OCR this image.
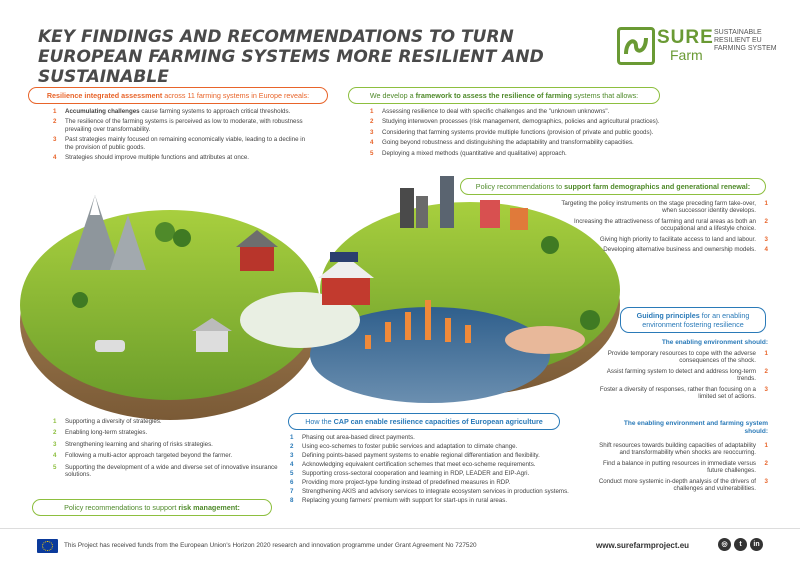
KEY FINDINGS AND RECOMMENDATIONS TO TURN EUROPEAN FARMING SYSTEMS MORE RESILIENT AND SUSTAINABLE
SURE
Farm
SUSTAINABLE RESILIENT EU FARMING SYSTEM
Resilience integrated assessment across 11 farming systems in Europe reveals:
1 Accumulating challenges cause farming systems to approach critical thresholds.
2 The resilience of the farming systems is perceived as low to moderate, with robustness prevailing over transformability.
3 Past strategies mainly focused on remaining economically viable, leading to a decline in the provision of public goods.
4 Strategies should improve multiple functions and attributes at once.
We develop a framework to assess the resilience of farming systems that allows:
1 Assessing resilience to deal with specific challenges and the "unknown unknowns".
2 Studying interwoven processes (risk management, demographics, policies and agricultural practices).
3 Considering that farming systems provide multiple functions (provision of private and public goods).
4 Going beyond robustness and distinguishing the adaptability and transformability capacities.
5 Deploying a mixed methods (quantitative and qualitative) approach.
Policy recommendations to support farm demographics and generational renewal:
1
Targeting the policy instruments on the stage preceding farm take-over, when successor identity develops.
2
Increasing the attractiveness of farming and rural areas as both an occupational and a lifestyle choice.
3
Giving high priority to facilitate access to land and labour.
4
Developing alternative business and ownership models.
Guiding principles for an enabling environment fostering resilience
The enabling environment should:
1
Provide temporary resources to cope with the adverse consequences of the shock.
2
Assist farming system to detect and address long-term trends.
3
Foster a diversity of responses, rather than focusing on a limited set of actions.
The enabling environment and farming system should:
1
Shift resources towards building capacities of adaptability and transformability when shocks are reoccurring.
2
Find a balance in putting resources in immediate versus future challenges.
3
Conduct more systemic in-depth analysis of the drivers of challenges and vulnerabilities.
How the CAP can enable resilience capacities of European agriculture
1 Phasing out area-based direct payments.
2 Using eco-schemes to foster public services and adaptation to climate change.
3 Defining points-based payment systems to enable regional differentiation and flexibility.
4 Acknowledging equivalent certification schemes that meet eco-scheme requirements.
5 Supporting cross-sectoral cooperation and learning in RDP, LEADER and EIP-Agri.
6 Providing more project-type funding instead of predefined measures in RDP.
7 Strengthening AKIS and advisory services to integrate ecosystem services in production systems.
8 Replacing young farmers' premium with support for start-ups in rural areas.
1 Supporting a diversity of strategies.
2 Enabling long-term strategies.
3 Strengthening learning and sharing of risks strategies.
4 Following a multi-actor approach targeted beyond the farmer.
5 Supporting the development of a wide and diverse set of innovative insurance solutions.
Policy recommendations to support risk management:
This Project has received funds from the European Union's Horizon 2020 research and innovation programme under Grant Agreement No 727520	www.surefarmproject.eu	◎	t	in
